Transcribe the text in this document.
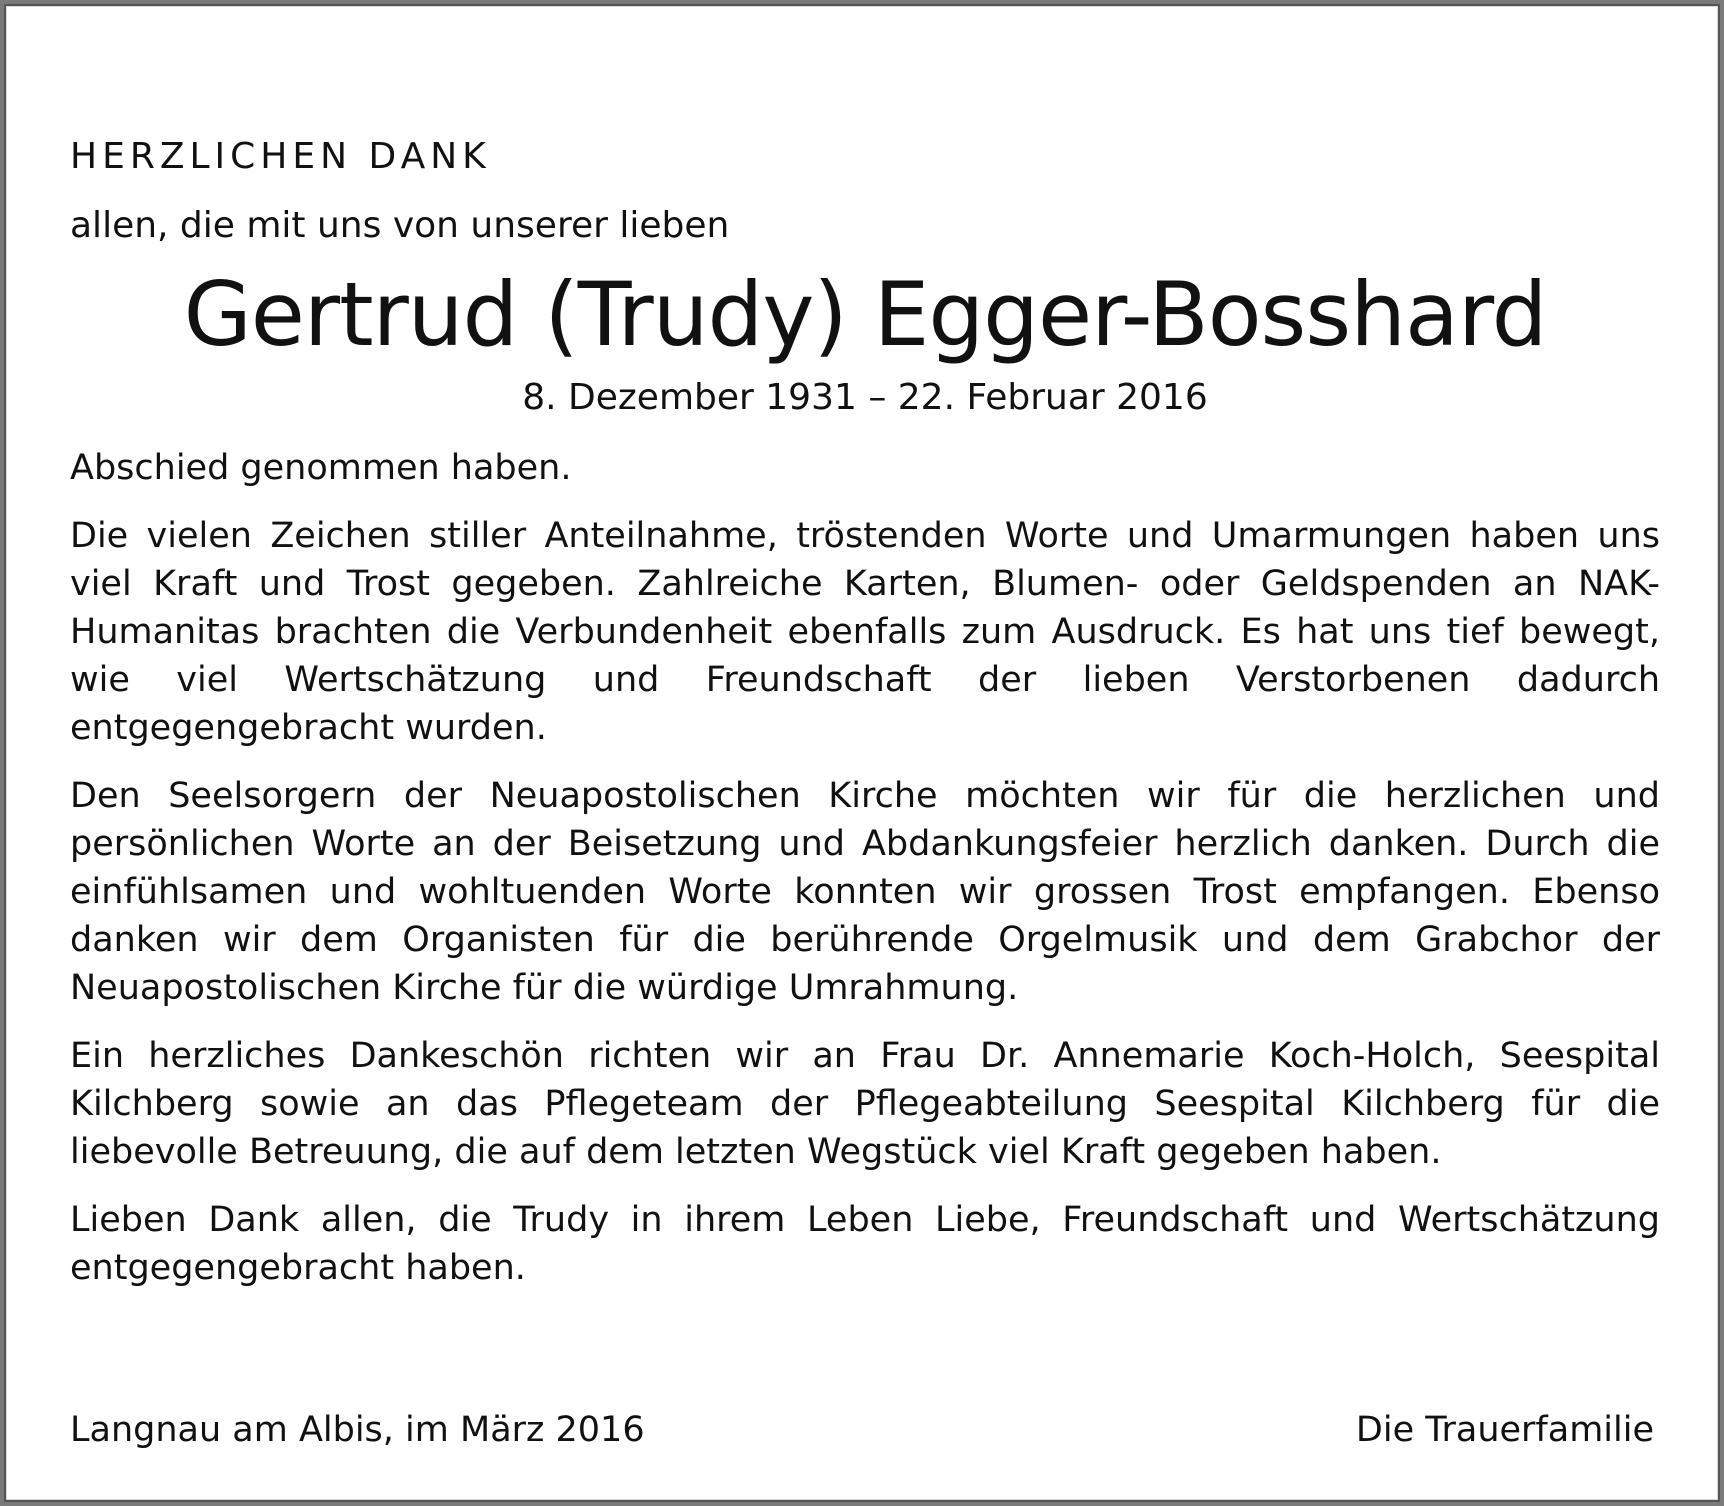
HERZLICHEN DANK

allen, die mit uns von unserer lieben

Gertrud (Trudy) Egger-Bosshard

8. Dezember 1931 – 22. Februar 2016

Abschied genommen haben.

Die vielen Zeichen stiller Anteilnahme, tröstenden Worte und Umarmungen haben uns viel Kraft und Trost gegeben. Zahlreiche Karten, Blumen- oder Geldspenden an NAK-Humanitas brachten die Verbundenheit ebenfalls zum Ausdruck. Es hat uns tief bewegt, wie viel Wertschätzung und Freundschaft der lieben Verstorbenen dadurch entgegengebracht wurden.

Den Seelsorgern der Neuapostolischen Kirche möchten wir für die herzlichen und persönlichen Worte an der Beisetzung und Abdankungsfeier herzlich danken. Durch die einfühlsamen und wohltuenden Worte konnten wir grossen Trost empfangen. Ebenso danken wir dem Organisten für die berührende Orgelmusik und dem Grabchor der Neuapostolischen Kirche für die würdige Umrahmung.

Ein herzliches Dankeschön richten wir an Frau Dr. Annemarie Koch-Holch, Seespital Kilchberg sowie an das Pflegeteam der Pflegeabteilung Seespital Kilchberg für die liebevolle Betreuung, die auf dem letzten Wegstück viel Kraft gegeben haben.

Lieben Dank allen, die Trudy in ihrem Leben Liebe, Freundschaft und Wertschätzung entgegengebracht haben.

Langnau am Albis, im März 2016	Die Trauerfamilie
